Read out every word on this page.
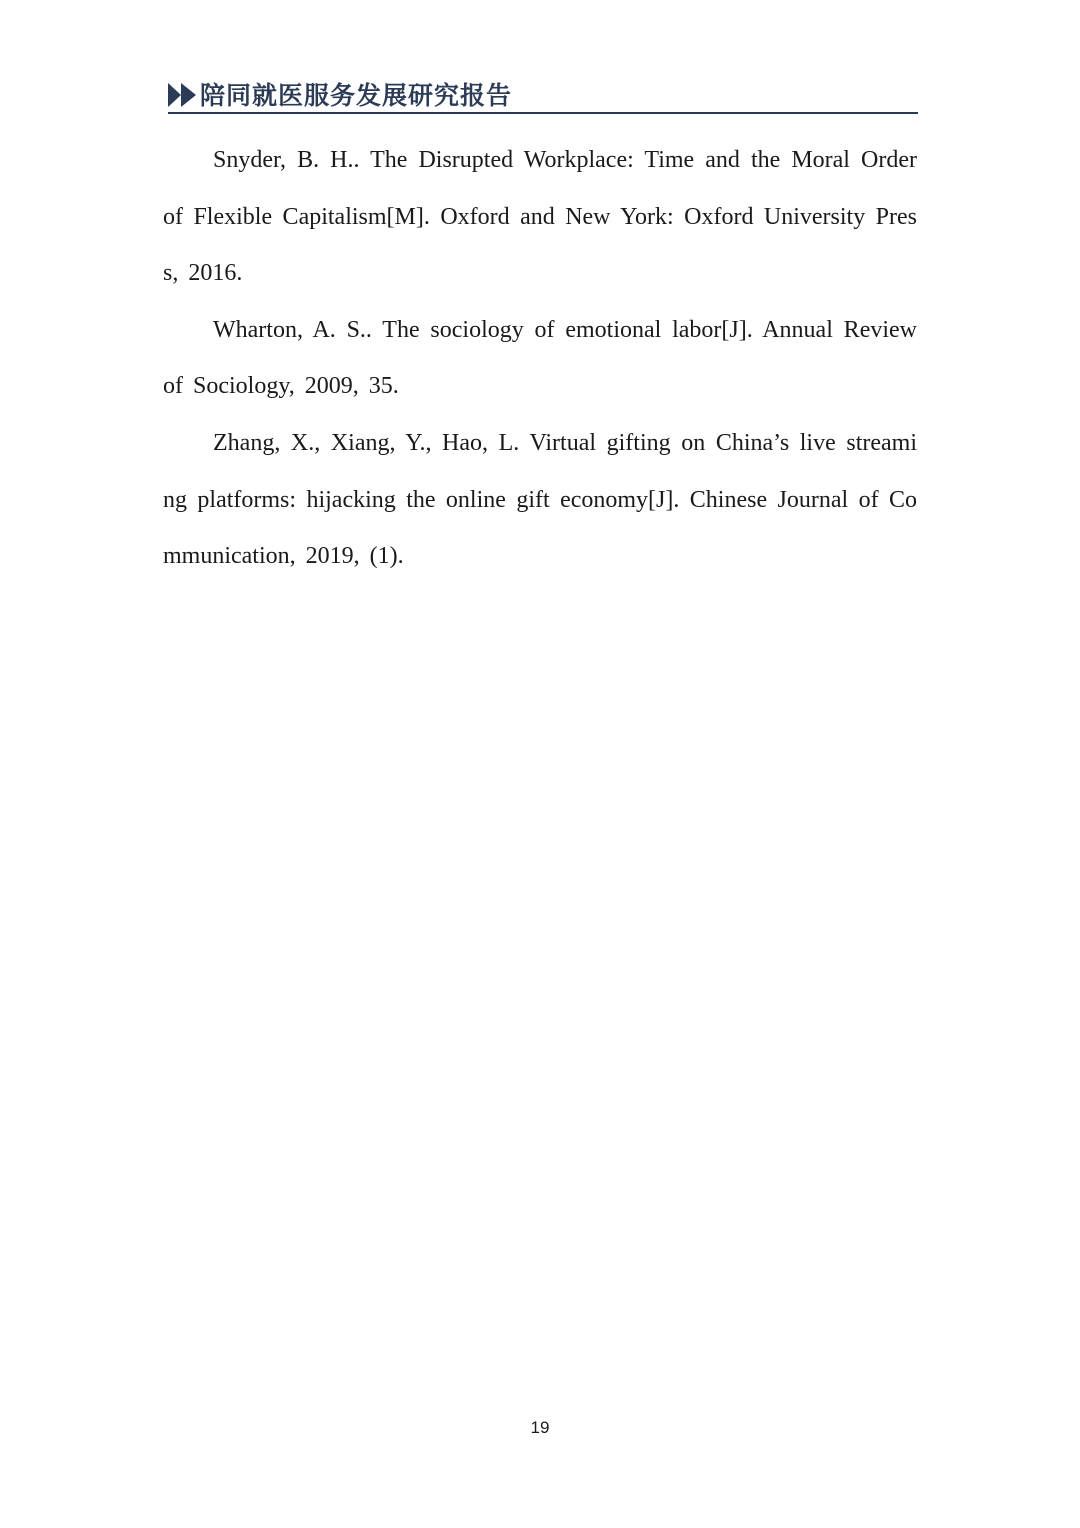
陪同就医服务发展研究报告

Snyder, B. H.. The Disrupted Workplace: Time and the Moral Order of Flexible Capitalism[M]. Oxford and New York: Oxford University Press, 2016.

Wharton, A. S.. The sociology of emotional labor[J]. Annual Review of Sociology, 2009, 35.

Zhang, X., Xiang, Y., Hao, L. Virtual gifting on China’s live streaming platforms: hijacking the online gift economy[J]. Chinese Journal of Communication, 2019, (1).

19
